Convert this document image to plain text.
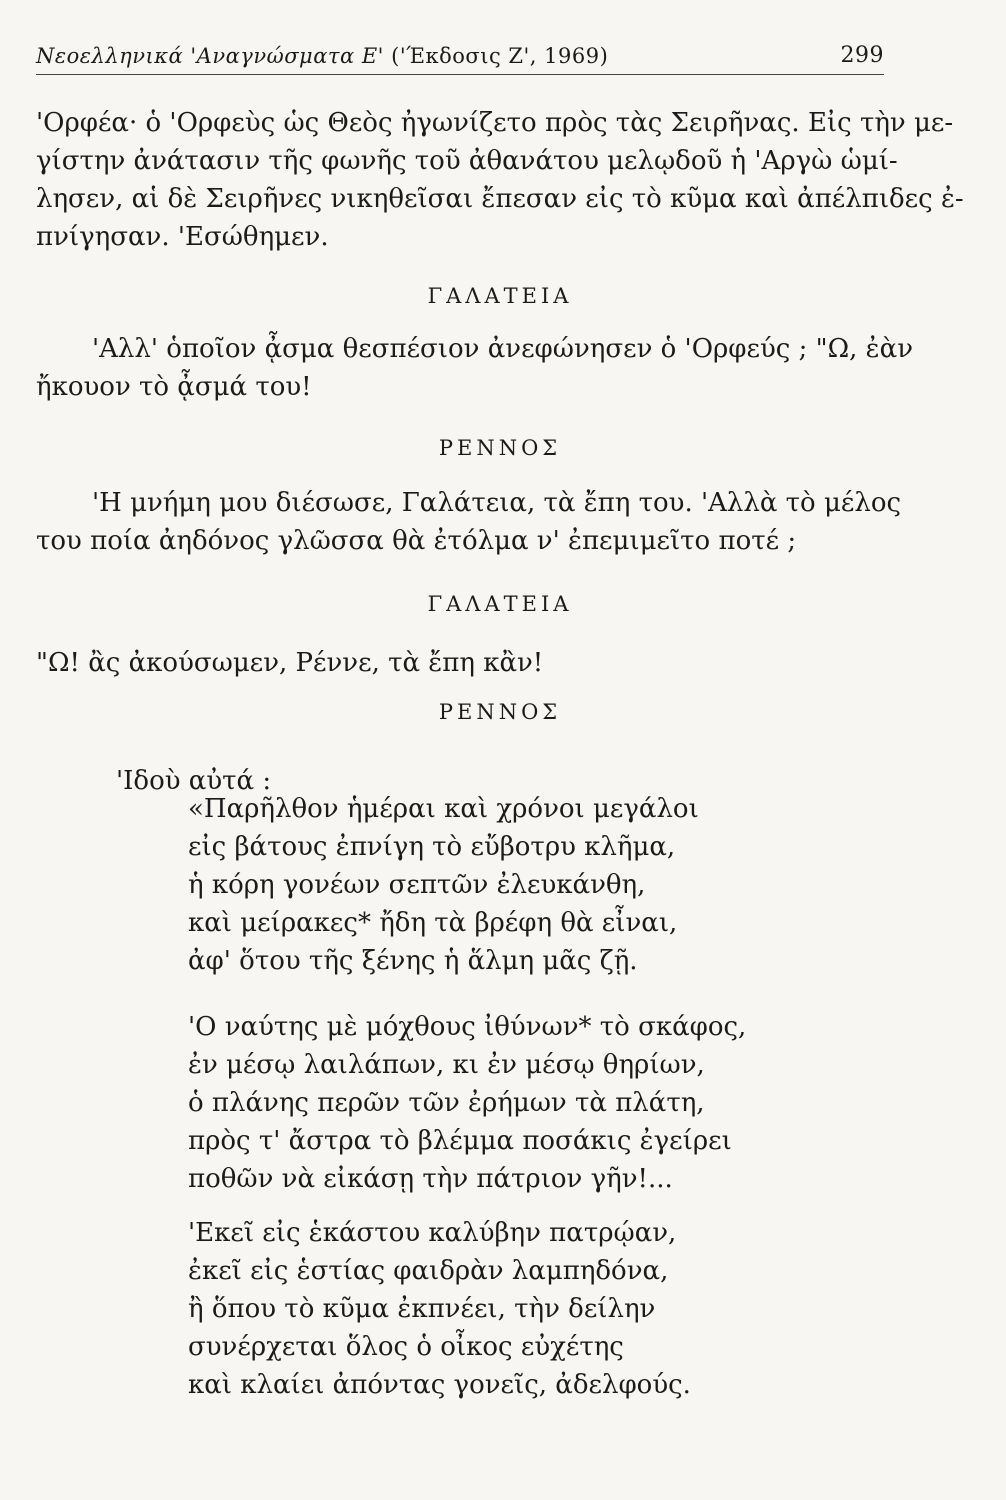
Νεοελληνικά 'Αναγνώσματα Ε' ('Έκδοσις Ζ', 1969)	299

'Ορφέα· ὁ 'Ορφεὺς ὡς Θεὸς ἠγωνίζετο πρὸς τὰς Σειρῆνας. Εἰς τὴν με-
γίστην ἀνάτασιν τῆς φωνῆς τοῦ ἀθανάτου μελῳδοῦ ἡ 'Αργὼ ὡμί-
λησεν, αἱ δὲ Σειρῆνες νικηθεῖσαι ἔπεσαν εἰς τὸ κῦμα καὶ ἀπέλπιδες ἐ-
πνίγησαν. 'Εσώθημεν.

ΓΑΛΑΤΕΙΑ

'Αλλ' ὁποῖον ᾆσμα θεσπέσιον ἀνεφώνησεν ὁ 'Ορφεύς ; "Ω, ἐὰν
ἤκουον τὸ ᾆσμά του!

ΡΕΝΝΟΣ

'Η μνήμη μου διέσωσε, Γαλάτεια, τὰ ἔπη του. 'Αλλὰ τὸ μέλος
του ποία ἀηδόνος γλῶσσα θὰ ἐτόλμα ν' ἐπεμιμεῖτο ποτέ ;

ΓΑΛΑΤΕΙΑ

"Ω! ἂς ἀκούσωμεν, Ρέννε, τὰ ἔπη κἂν!

ΡΕΝΝΟΣ
'Ιδοὺ αὐτά :

«Παρῆλθον ἡμέραι καὶ χρόνοι μεγάλοι
εἰς βάτους ἐπνίγη τὸ εὔβοτρυ κλῆμα,
ἡ κόρη γονέων σεπτῶν ἐλευκάνθη,
καὶ μείρακες* ἤδη τὰ βρέφη θὰ εἶναι,
ἀφ' ὅτου τῆς ξένης ἡ ἅλμη μᾶς ζῇ.

'Ο ναύτης μὲ μόχθους ἰθύνων* τὸ σκάφος,
ἐν μέσῳ λαιλάπων, κι ἐν μέσῳ θηρίων,
ὁ πλάνης περῶν τῶν ἐρήμων τὰ πλάτη,
πρὸς τ' ἄστρα τὸ βλέμμα ποσάκις ἐγείρει
ποθῶν νὰ εἰκάσῃ τὴν πάτριον γῆν!...

'Εκεῖ εἰς ἑκάστου καλύβην πατρῴαν,
ἐκεῖ εἰς ἑστίας φαιδρὰν λαμπηδόνα,
ἢ ὅπου τὸ κῦμα ἐκπνέει, τὴν δείλην
συνέρχεται ὅλος ὁ οἶκος εὐχέτης
καὶ κλαίει ἀπόντας γονεῖς, ἀδελφούς.
